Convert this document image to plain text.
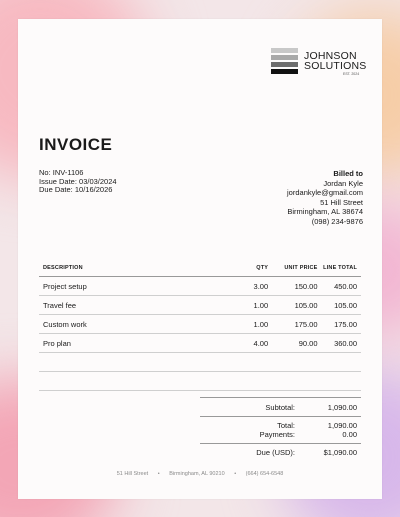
JOHNSON
SOLUTIONS
EST. 2024
INVOICE
No: INV-1106
Issue Date: 03/03/2024
Due Date: 10/16/2026
Billed to
Jordan Kyle
jordankyle@gmail.com
51 Hill Street
Birmingham, AL 38674
(098) 234-9876
DESCRIPTION	QTY	UNIT PRICE	LINE TOTAL
Project setup	3.00	150.00	450.00
Travel fee	1.00	105.00	105.00
Custom work	1.00	175.00	175.00
Pro plan	4.00	90.00	360.00
Subtotal:	1,090.00
Total:	1,090.00
Payments:	0.00
Due (USD):	$1,090.00
51 Hill Street • Birmingham, AL 90210 • (664) 654-6548
